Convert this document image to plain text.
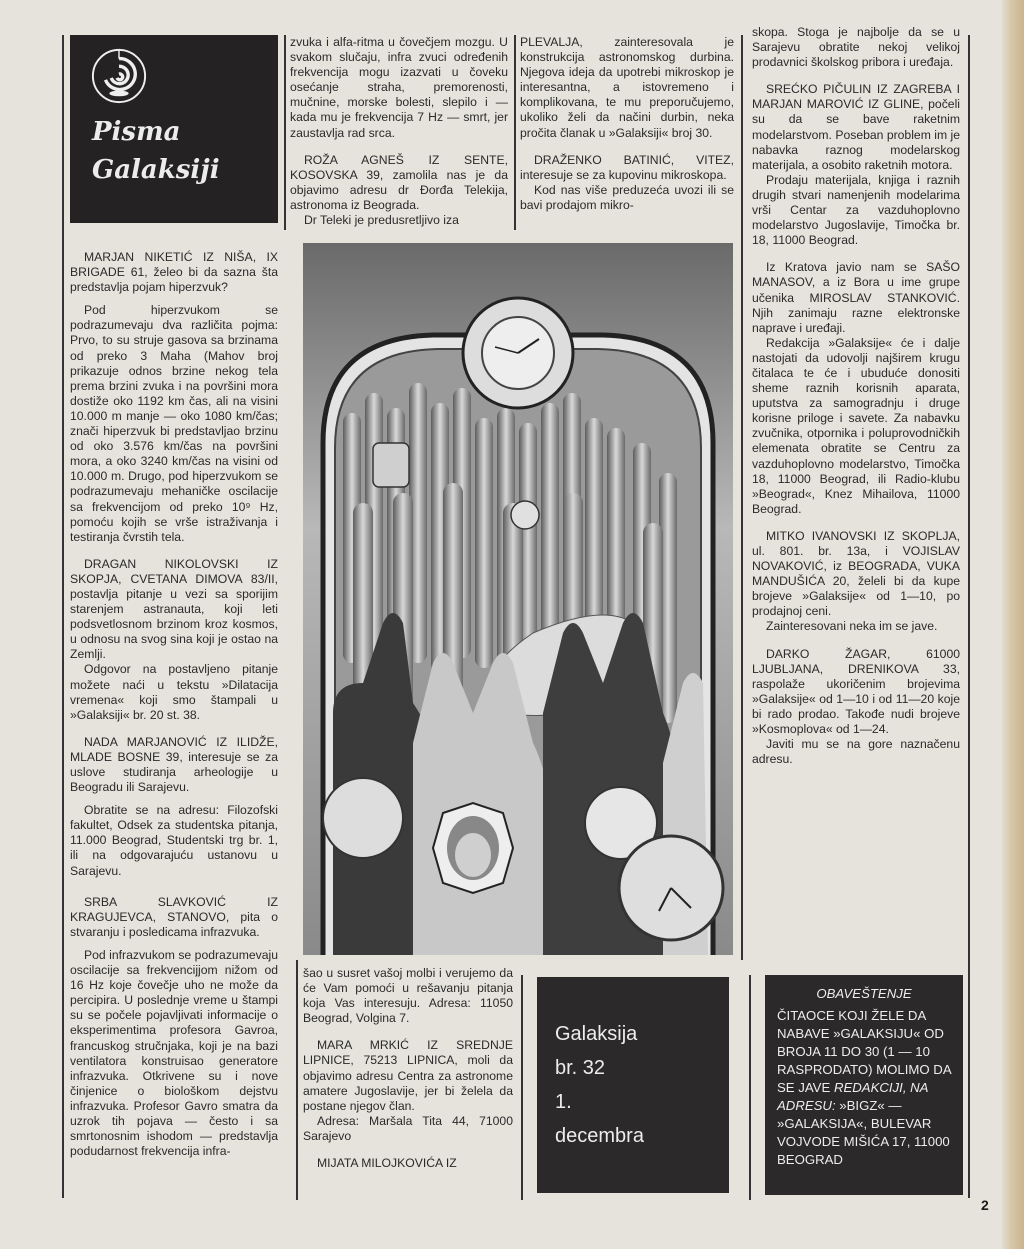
Pisma
Galaksiji

MARJAN NIKETIĆ IZ NIŠA, IX BRIGADE 61, želeo bi da sazna šta predstavlja pojam hiperzvuk?

Pod hiperzvukom se podrazumevaju dva različita pojma: Prvo, to su struje gasova sa brzinama od preko 3 Maha (Mahov broj prikazuje odnos brzine nekog tela prema brzini zvuka i na površini mora dostiže oko 1192 km čas, ali na visini 10.000 m manje — oko 1080 km/čas; znači hiperzvuk bi predstavljao brzinu od oko 3.576 km/čas na površini mora, a oko 3240 km/čas na visini od 10.000 m. Drugo, pod hiperzvukom se podrazumevaju mehaničke oscilacije sa frekvencijom od preko 10⁹ Hz, pomoću kojih se vrše istraživanja i testiranja čvrstih tela.

DRAGAN NIKOLOVSKI IZ SKOPJA, CVETANA DIMOVA 83/II, postavlja pitanje u vezi sa sporijim starenjem astranauta, koji leti podsvetlosnom brzinom kroz kosmos, u odnosu na svog sina koji je ostao na Zemlji.

Odgovor na postavljeno pitanje možete naći u tekstu »Dilatacija vremena« koji smo štampali u »Galaksiji« br. 20 st. 38.

NADA MARJANOVIĆ IZ ILIDŽE, MLADE BOSNE 39, interesuje se za uslove studiranja arheologije u Beogradu ili Sarajevu.

Obratite se na adresu: Filozofski fakultet, Odsek za studentska pitanja, 11.000 Beograd, Studentski trg br. 1, ili na odgovarajuću ustanovu u Sarajevu.

SRBA SLAVKOVIĆ IZ KRAGUJEVCA, STANOVO, pita o stvaranju i posledicama infrazvuka.

Pod infrazvukom se podrazumevaju oscilacije sa frekvencijjom nižom od 16 Hz koje čovečje uho ne može da percipira. U poslednje vreme u štampi su se počele pojavljivati informacije o eksperimentima profesora Gavroa, francuskog stručnjaka, koji je na bazi ventilatora konstruisao generatore infrazvuka. Otkrivene su i nove činjenice o biološkom dejstvu infrazvuka. Profesor Gavro smatra da uzrok tih pojava — često i sa smrtonosnim ishodom — predstavlja podudarnost frekvencija infra-

zvuka i alfa-ritma u čovečjem mozgu. U svakom slučaju, infra zvuci određenih frekvencija mogu izazvati u čoveku osećanje straha, premorenosti, mučnine, morske bolesti, slepilo i — kada mu je frekvencija 7 Hz — smrt, jer zaustavlja rad srca.

ROŽA AGNEŠ IZ SENTE, KOSOVSKA 39, zamolila nas je da objavimo adresu dr Đorđa Telekija, astronoma iz Beograda.

Dr Teleki je predusretljivo iza

PLEVALJA, zainteresovala je konstrukcija astronomskog durbina. Njegova ideja da upotrebi mikroskop je interesantna, a istovremeno i komplikovana, te mu preporučujemo, ukoliko želi da načini durbin, neka pročita članak u »Galaksiji« broj 30.

DRAŽENKO BATINIĆ, VITEZ, interesuje se za kupovinu mikroskopa.

Kod nas više preduzeća uvozi ili se bavi prodajom mikro-

šao u susret vašoj molbi i verujemo da će Vam pomoći u rešavanju pitanja koja Vas interesuju. Adresa: 11050 Beograd, Volgina 7.

MARA MRKIĆ IZ SREDNJE LIPNICE, 75213 LIPNICA, moli da objavimo adresu Centra za astronome amatere Jugoslavije, jer bi želela da postane njegov član.

Adresa: Maršala Tita 44, 71000 Sarajevo

MIJATA MILOJKOVIĆA IZ

skopa. Stoga je najbolje da se u Sarajevu obratite nekoj velikoj prodavnici školskog pribora i uređaja.

SREĆKO PIČULIN IZ ZAGREBA I MARJAN MAROVIĆ IZ GLINE, počeli su da se bave raketnim modelarstvom. Poseban problem im je nabavka raznog modelarskog materijala, a osobito raketnih motora.

Prodaju materijala, knjiga i raznih drugih stvari namenjenih modelarima vrši Centar za vazduhoplovno modelarstvo Jugoslavije, Timočka br. 18, 11000 Beograd.

Iz Kratova javio nam se SAŠO MANASOV, a iz Bora u ime grupe učenika MIROSLAV STANKOVIĆ. Njih zanimaju razne elektronske naprave i uređaji.

Redakcija »Galaksije« će i dalje nastojati da udovolji najširem krugu čitalaca te će i ubuduće donositi sheme raznih korisnih aparata, uputstva za samogradnju i druge korisne priloge i savete. Za nabavku zvučnika, otpornika i poluprovodničkih elemenata obratite se Centru za vazduhoplovno modelarstvo, Timočka 18, 11000 Beograd, ili Radio-klubu »Beograd«, Knez Mihailova, 11000 Beograd.

MITKO IVANOVSKI IZ SKOPLJA, ul. 801. br. 13a, i VOJISLAV NOVAKOVIĆ, iz BEOGRADA, VUKA MANDUŠIĆA 20, želeli bi da kupe brojeve »Galaksije« od 1—10, po prodajnoj ceni.

Zainteresovani neka im se jave.

DARKO ŽAGAR, 61000 LJUBLJANA, DRENIKOVA 33, raspolaže ukoričenim brojevima »Galaksije« od 1—10 i od 11—20 koje bi rado prodao. Takođe nudi brojeve »Kosmoplova« od 1—24.

Javiti mu se na gore naznačenu adresu.

Galaksija
br. 32
1.
decembra
OBAVEŠTENJE
ČITAOCE KOJI ŽELE DA NABAVE »GALAKSIJU« OD BROJA 11 DO 30 (1 — 10 RASPRODATO) MOLIMO DA SE JAVE REDAKCIJI, NA ADRESU: »BIGZ« — »GALAKSIJA«, BULEVAR VOJVODE MIŠIĆA 17, 11000 BEOGRAD
2
